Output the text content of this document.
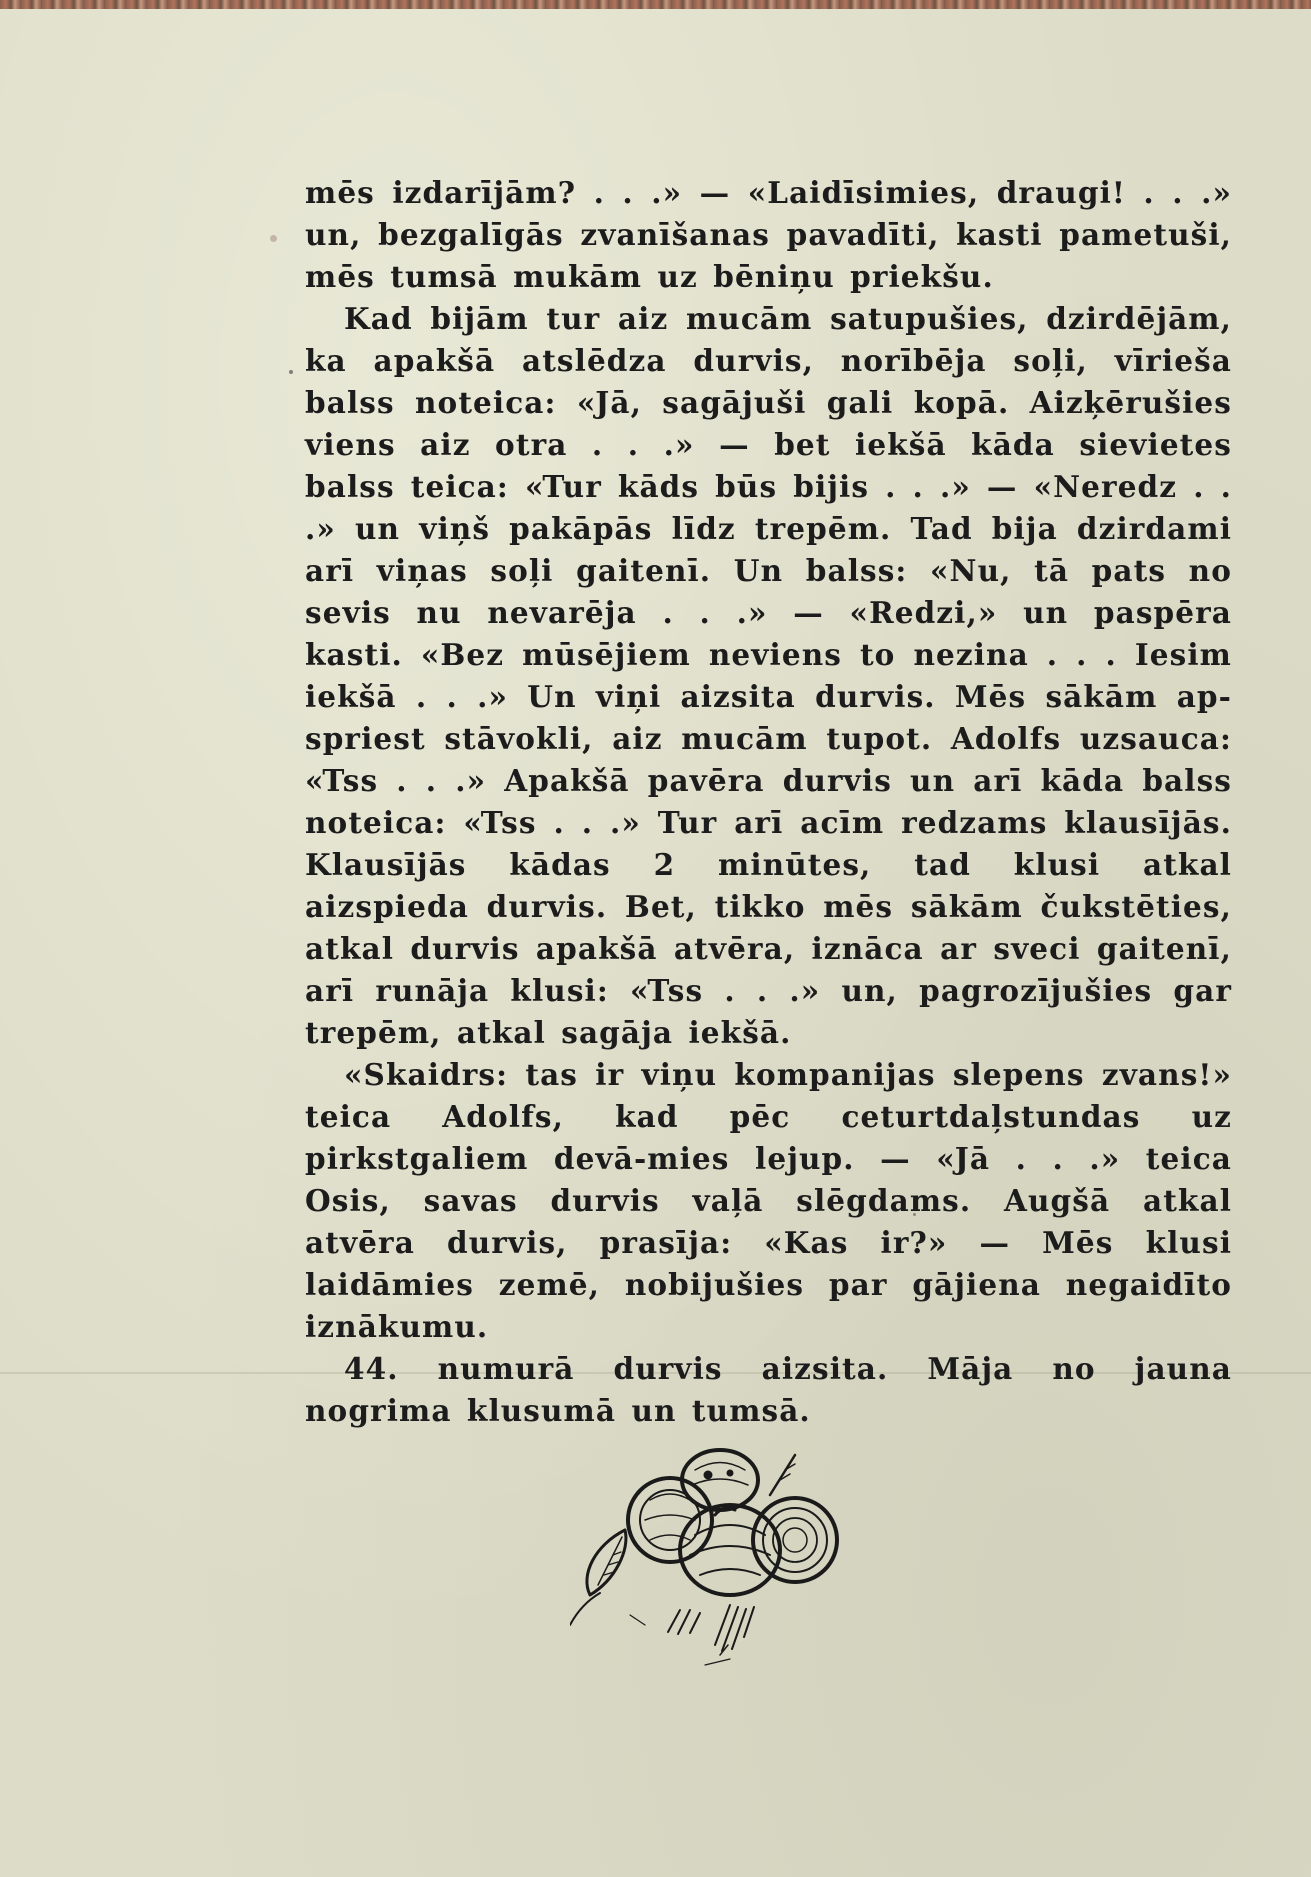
mēs izdarījām? . . .» — «Laidīsimies, draugi! . . .» un, bezgalīgās zvanīšanas pavadīti, kasti pametuši, mēs tumsā mukām uz bēniņu priekšu.

Kad bijām tur aiz mucām satupušies, dzirdējām, ka apakšā atslēdza durvis, norībēja soļi, vīrieša balss noteica: «Jā, sagājuši gali kopā. Aizķērušies viens aiz otra . . .» — bet iekšā kāda sievietes balss teica: «Tur kāds būs bijis . . .» — «Neredz . . .» un viņš pakāpās līdz trepēm. Tad bija dzirdami arī viņas soļi gaitenī. Un balss: «Nu, tā pats no sevis nu nevarēja . . .» — «Redzi,» un paspēra kasti. «Bez mūsējiem neviens to nezina . . . Iesim iekšā . . .» Un viņi aizsita durvis. Mēs sākām ap-spriest stāvokli, aiz mucām tupot. Adolfs uzsauca: «Tss . . .» Apakšā pavēra durvis un arī kāda balss noteica: «Tss . . .» Tur arī acīm redzams klausījās. Klausījās kādas 2 minūtes, tad klusi atkal aizspieda durvis. Bet, tikko mēs sākām čukstēties, atkal durvis apakšā atvēra, iznāca ar sveci gaitenī, arī runāja klusi: «Tss . . .» un, pagrozījušies gar trepēm, atkal sagāja iekšā.

«Skaidrs: tas ir viņu kompanijas slepens zvans!» teica Adolfs, kad pēc ceturtdaļstundas uz pirkstgaliem devā-mies lejup. — «Jā . . .» teica Osis, savas durvis vaļā slēgdams. Augšā atkal atvēra durvis, prasīja: «Kas ir?» — Mēs klusi laidāmies zemē, nobijušies par gājiena negaidīto iznākumu.

44. numurā durvis aizsita. Māja no jauna nogrima klusumā un tumsā.
